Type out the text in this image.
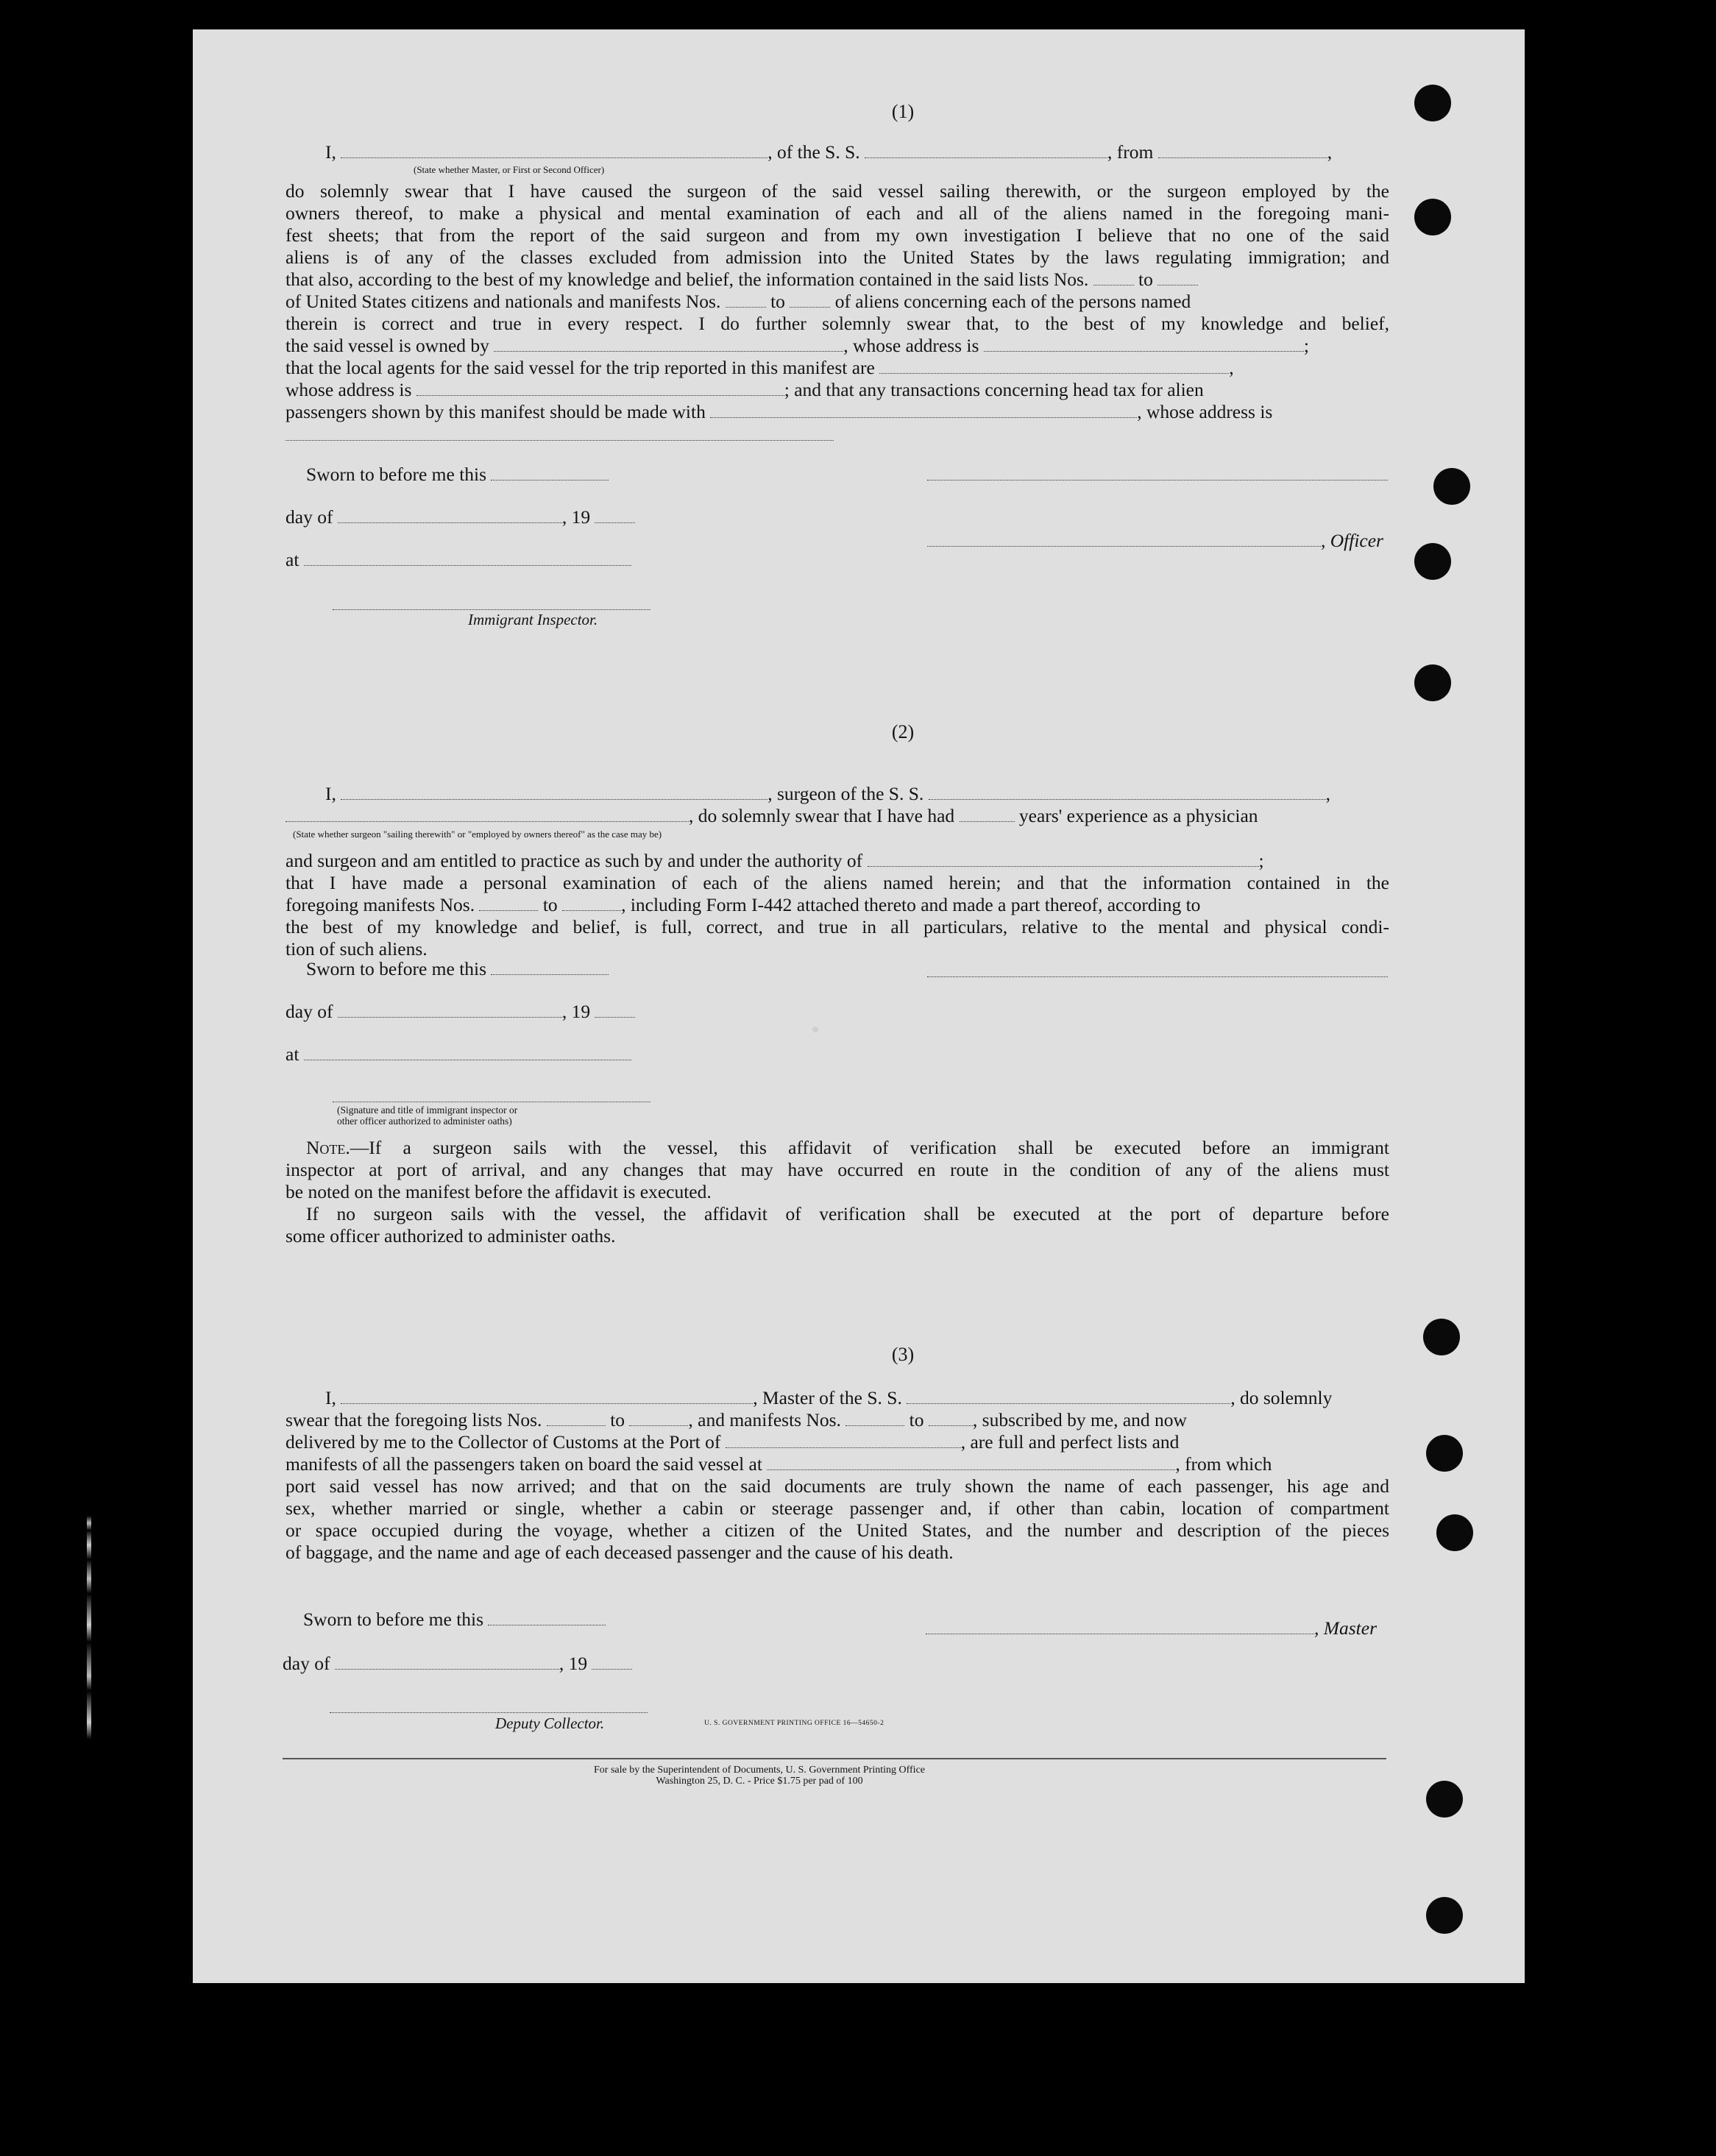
(1)
I,	, of the S. S.	, from	,
(State whether Master, or First or Second Officer)
do solemnly swear that I have caused the surgeon of the said vessel sailing therewith, or the surgeon employed by the
owners thereof, to make a physical and mental examination of each and all of the aliens named in the foregoing mani-
fest sheets; that from the report of the said surgeon and from my own investigation I believe that no one of the said
aliens is of any of the classes excluded from admission into the United States by the laws regulating immigration; and
that also, according to the best of my knowledge and belief, the information contained in the said lists Nos.	to
of United States citizens and nationals and manifests Nos.	to	of aliens concerning each of the persons named
therein is correct and true in every respect. I do further solemnly swear that, to the best of my knowledge and belief,
the said vessel is owned by	, whose address is	;
that the local agents for the said vessel for the trip reported in this manifest are	,
whose address is	; and that any transactions concerning head tax for alien
passengers shown by this manifest should be made with	, whose address is
Sworn to before me this
day of	, 19
at
Immigrant Inspector.
, Officer
(2)
I,	, surgeon of the S. S.	,
, do solemnly swear that I have had	years' experience as a physician
(State whether surgeon "sailing therewith" or "employed by owners thereof" as the case may be)
and surgeon and am entitled to practice as such by and under the authority of	;
that I have made a personal examination of each of the aliens named herein; and that the information contained in the
foregoing manifests Nos.	to	, including Form I-442 attached thereto and made a part thereof, according to
the best of my knowledge and belief, is full, correct, and true in all particulars, relative to the mental and physical condi-
tion of such aliens.
Sworn to before me this
day of	, 19
at
(Signature and title of immigrant inspector or
other officer authorized to administer oaths)
Note.—If a surgeon sails with the vessel, this affidavit of verification shall be executed before an immigrant
inspector at port of arrival, and any changes that may have occurred en route in the condition of any of the aliens must
be noted on the manifest before the affidavit is executed.
If no surgeon sails with the vessel, the affidavit of verification shall be executed at the port of departure before
some officer authorized to administer oaths.
(3)
I,	, Master of the S. S.	, do solemnly
swear that the foregoing lists Nos.	to	, and manifests Nos.	to	, subscribed by me, and now
delivered by me to the Collector of Customs at the Port of	, are full and perfect lists and
manifests of all the passengers taken on board the said vessel at	, from which
port said vessel has now arrived; and that on the said documents are truly shown the name of each passenger, his age and
sex, whether married or single, whether a cabin or steerage passenger and, if other than cabin, location of compartment
or space occupied during the voyage, whether a citizen of the United States, and the number and description of the pieces
of baggage, and the name and age of each deceased passenger and the cause of his death.
Sworn to before me this
day of	, 19
Deputy Collector.
, Master
U. S. GOVERNMENT PRINTING OFFICE 16—54650-2
For sale by the Superintendent of Documents, U. S. Government Printing Office
Washington 25, D. C. - Price $1.75 per pad of 100
